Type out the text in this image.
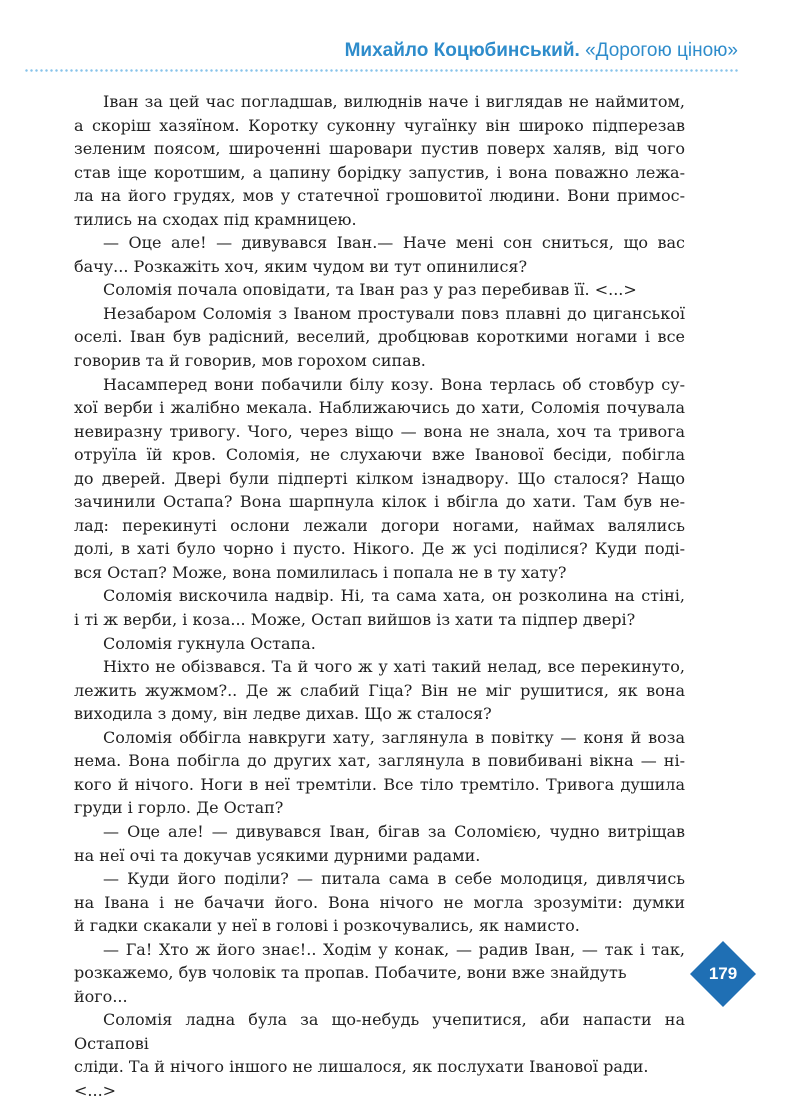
Михайло Коцюбинський. «Дорогою ціною»

Іван за цей час погладшав, вилюднів наче і виглядав не наймитом,
а скоріш хазяїном. Коротку суконну чугаїнку він широко підперезав
зеленим поясом, широченні шаровари пустив поверх халяв, від чого
став іще коротшим, а цапину борідку запустив, і вона поважно лежа-
ла на його грудях, мов у статечної грошовитої людини. Вони примос-
тились на сходах під крамницею.

— Оце але! — дивувався Іван.— Наче мені сон сниться, що вас
бачу... Розкажіть хоч, яким чудом ви тут опинилися?

Соломія почала оповідати, та Іван раз у раз перебивав її. <...>

Незабаром Соломія з Іваном простували повз плавні до циганської
оселі. Іван був радісний, веселий, дробцював короткими ногами і все
говорив та й говорив, мов горохом сипав.

Насамперед вони побачили білу козу. Вона терлась об стовбур су-
хої верби і жалібно мекала. Наближаючись до хати, Соломія почувала
невиразну тривогу. Чого, через віщо — вона не знала, хоч та тривога
отруїла їй кров. Соломія, не слухаючи вже Іванової бесіди, побігла
до дверей. Двері були підперті кілком ізнадвору. Що сталося? Нащо
зачинили Остапа? Вона шарпнула кілок і вбігла до хати. Там був не-
лад: перекинуті ослони лежали догори ногами, наймах валялись
долі, в хаті було чорно і пусто. Нікого. Де ж усі поділися? Куди поді-
вся Остап? Може, вона помилилась і попала не в ту хату?

Соломія вискочила надвір. Ні, та сама хата, он розколина на стіні,
і ті ж верби, і коза... Може, Остап вийшов із хати та підпер двері?

Соломія гукнула Остапа.

Ніхто не обізвався. Та й чого ж у хаті такий нелад, все перекинуто,
лежить жужмом?.. Де ж слабий Гіца? Він не міг рушитися, як вона
виходила з дому, він ледве дихав. Що ж сталося?

Соломія оббігла навкруги хату, заглянула в повітку — коня й воза
нема. Вона побігла до других хат, заглянула в повибивані вікна — ні-
кого й нічого. Ноги в неї тремтіли. Все тіло тремтіло. Тривога душила
груди і горло. Де Остап?

— Оце але! — дивувався Іван, бігав за Соломією, чудно витріщав
на неї очі та докучав усякими дурними радами.

— Куди його поділи? — питала сама в себе молодиця, дивлячись
на Івана і не бачачи його. Вона нічого не могла зрозуміти: думки
й гадки скакали у неї в голові і розкочувались, як намисто.

— Га! Хто ж його знає!.. Ходім у конак, — радив Іван, — так і так,
розкажемо, був чоловік та пропав. Побачите, вони вже знайдуть його...

Соломія ладна була за що-небудь учепитися, аби напасти на Остапові
сліди. Та й нічого іншого не лишалося, як послухати Іванової ради. <...>

179
